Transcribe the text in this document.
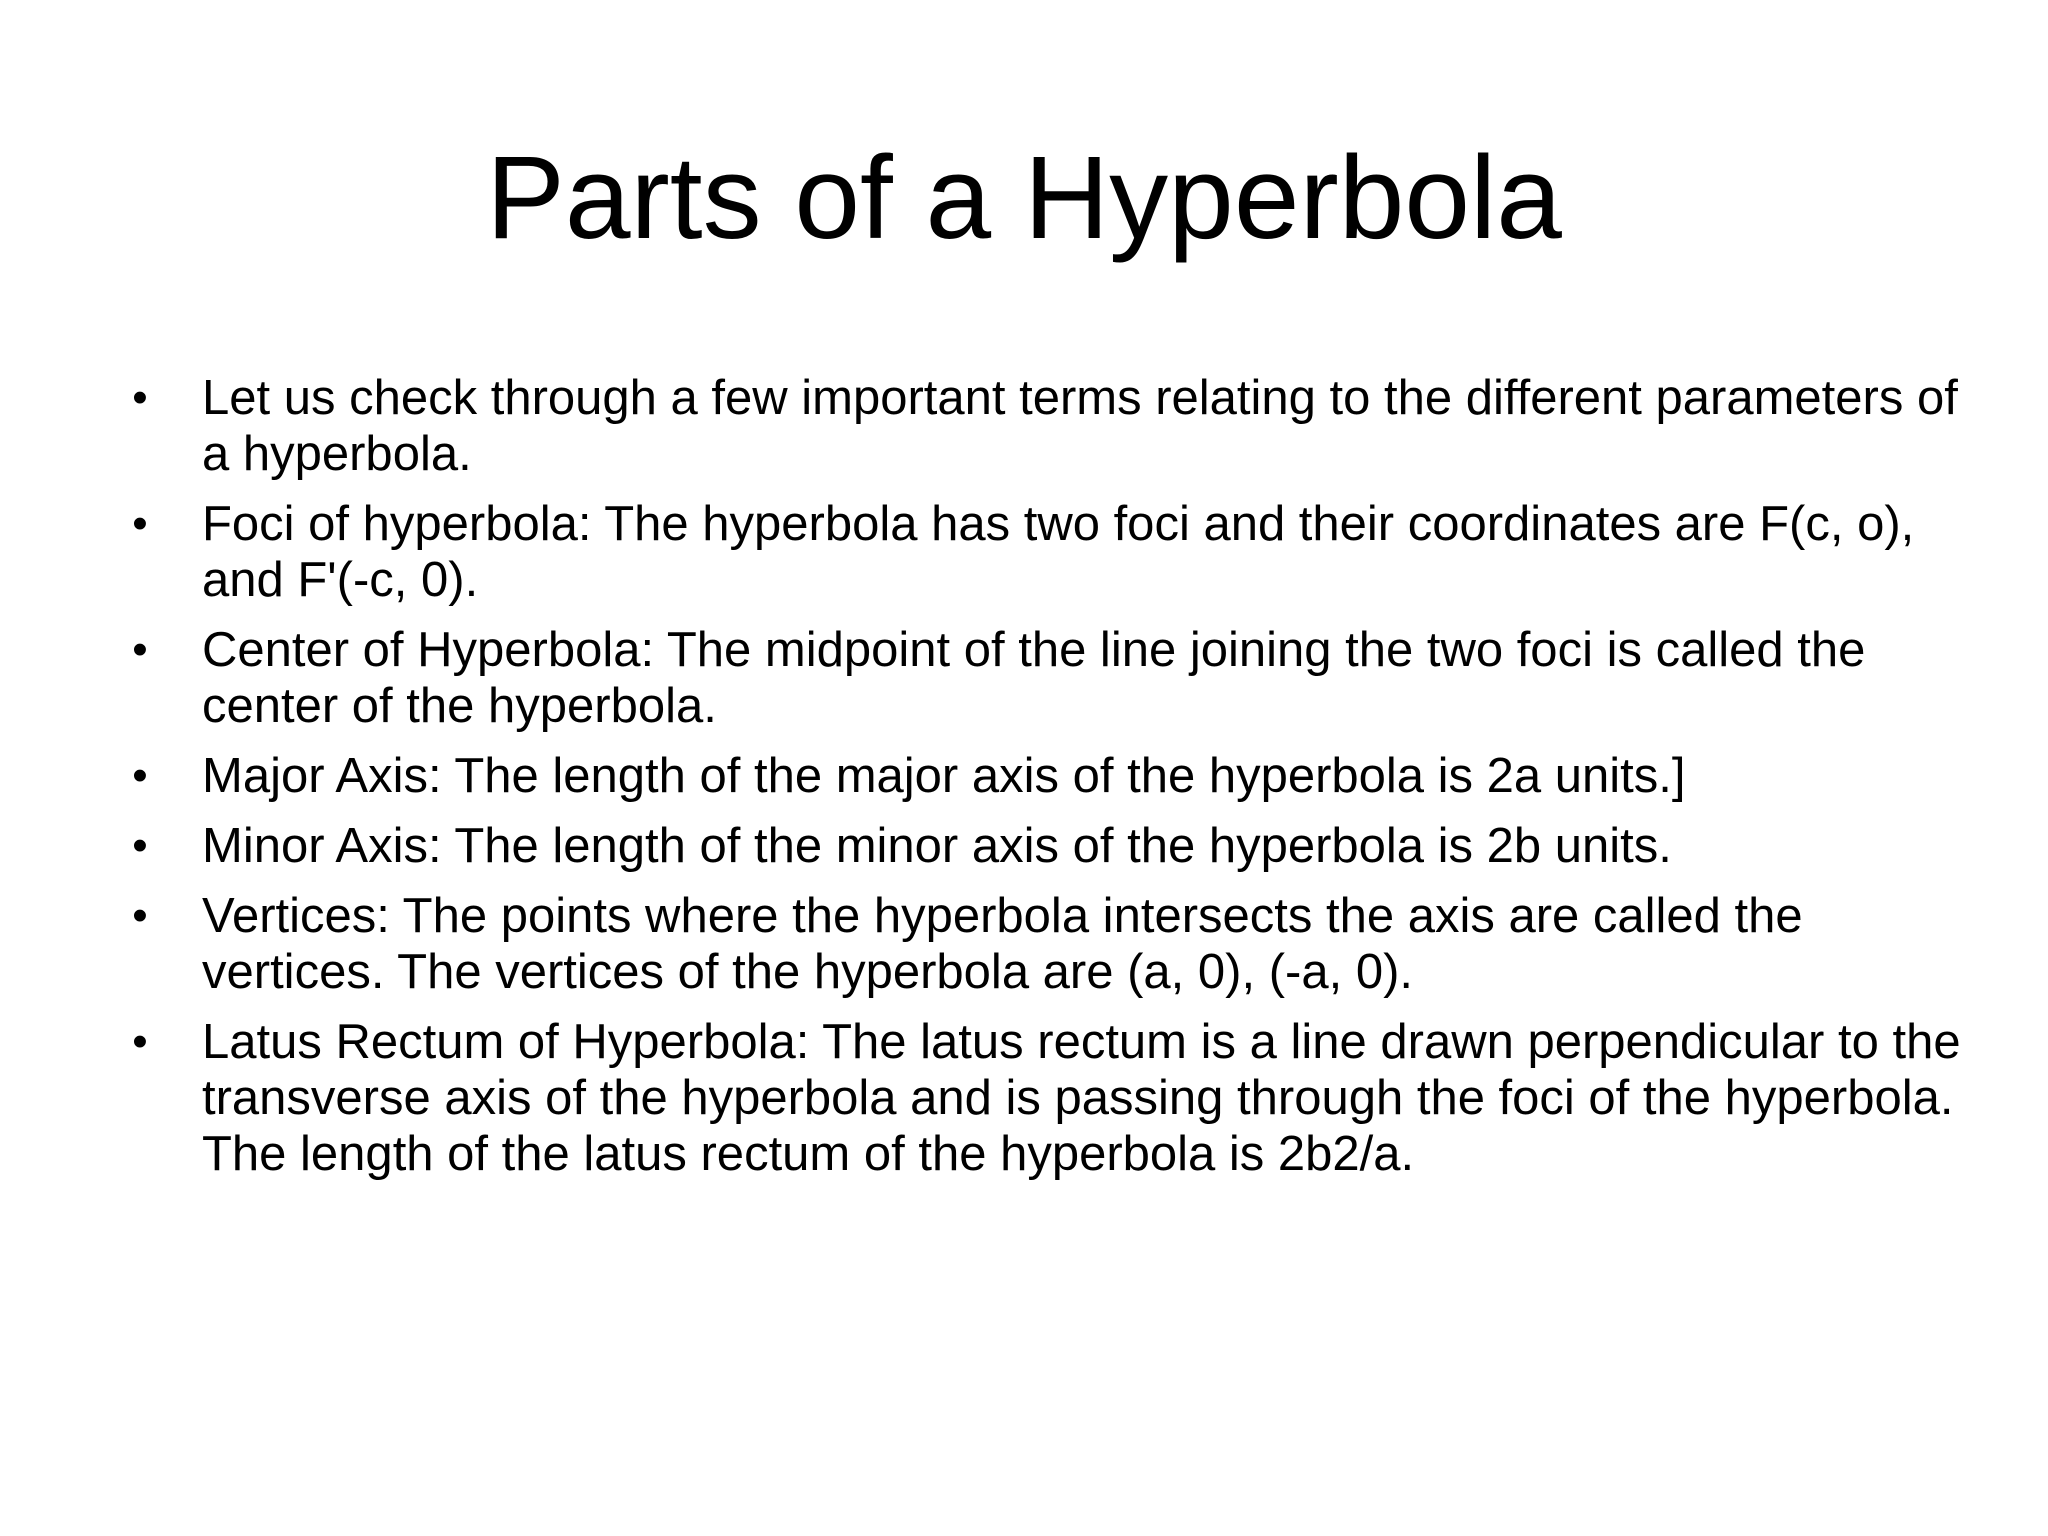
Parts of a Hyperbola
• Let us check through a few important terms relating to the different parameters of a hyperbola.
• Foci of hyperbola: The hyperbola has two foci and their coordinates are F(c, o), and F'(-c, 0).
• Center of Hyperbola: The midpoint of the line joining the two foci is called the center of the hyperbola.
• Major Axis: The length of the major axis of the hyperbola is 2a units.]
• Minor Axis: The length of the minor axis of the hyperbola is 2b units.
• Vertices: The points where the hyperbola intersects the axis are called the vertices. The vertices of the hyperbola are (a, 0), (-a, 0).
• Latus Rectum of Hyperbola: The latus rectum is a line drawn perpendicular to the transverse axis of the hyperbola and is passing through the foci of the hyperbola. The length of the latus rectum of the hyperbola is 2b2/a.
